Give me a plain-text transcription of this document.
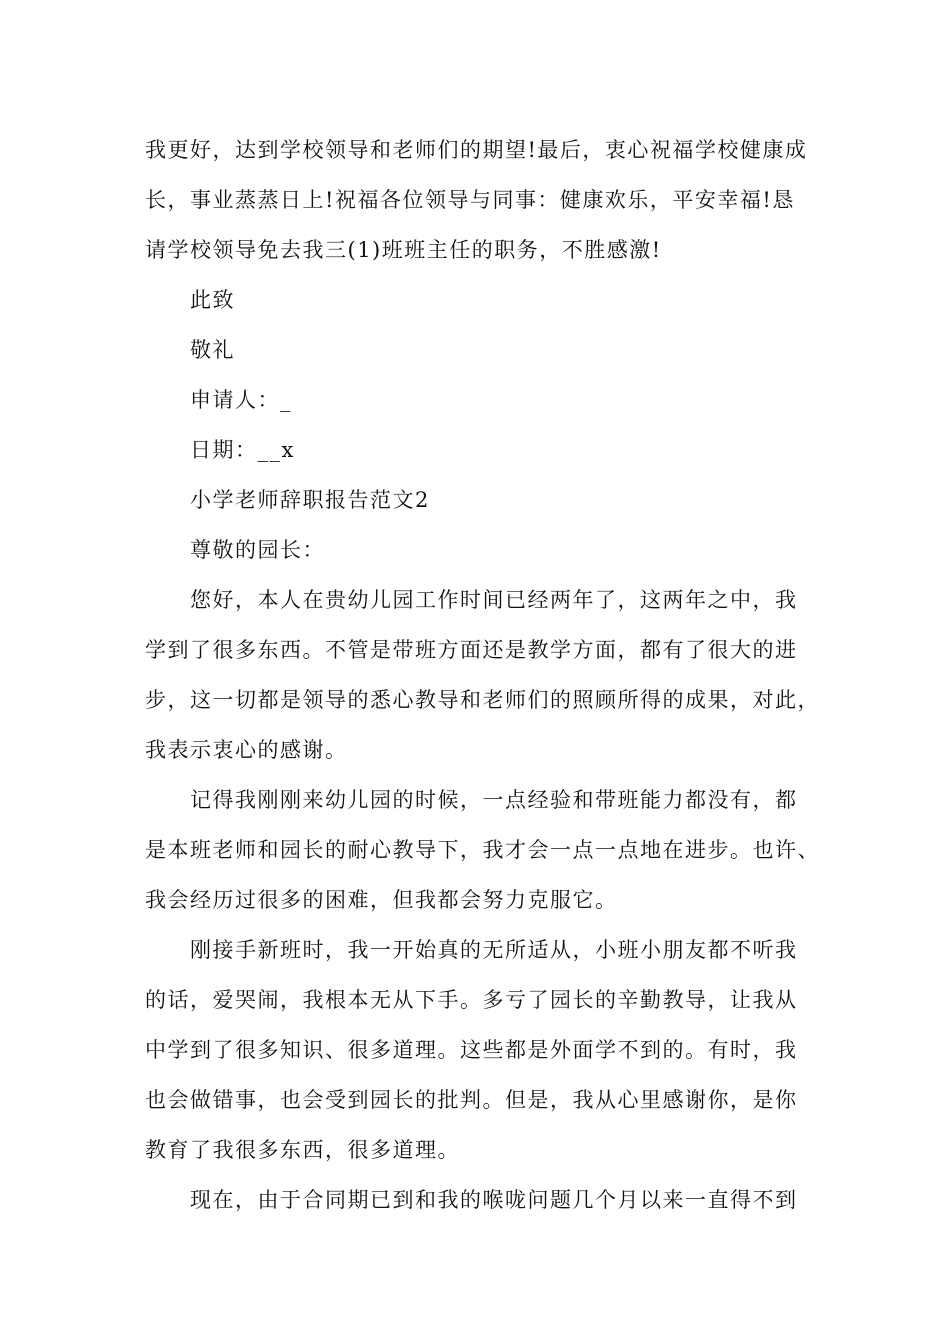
我更好，达到学校领导和老师们的期望!最后，衷心祝福学校健康成
长，事业蒸蒸日上!祝福各位领导与同事：健康欢乐，平安幸福!恳
请学校领导免去我三(1)班班主任的职务，不胜感激!
此致
敬礼
申请人：_
日期：__x
小学老师辞职报告范文2
尊敬的园长：
您好，本人在贵幼儿园工作时间已经两年了，这两年之中，我
学到了很多东西。不管是带班方面还是教学方面，都有了很大的进
步，这一切都是领导的悉心教导和老师们的照顾所得的成果，对此，
我表示衷心的感谢。
记得我刚刚来幼儿园的时候，一点经验和带班能力都没有，都
是本班老师和园长的耐心教导下，我才会一点一点地在进步。也许、
我会经历过很多的困难，但我都会努力克服它。
刚接手新班时，我一开始真的无所适从，小班小朋友都不听我
的话，爱哭闹，我根本无从下手。多亏了园长的辛勤教导，让我从
中学到了很多知识、很多道理。这些都是外面学不到的。有时，我
也会做错事，也会受到园长的批判。但是，我从心里感谢你，是你
教育了我很多东西，很多道理。
现在，由于合同期已到和我的喉咙问题几个月以来一直得不到
